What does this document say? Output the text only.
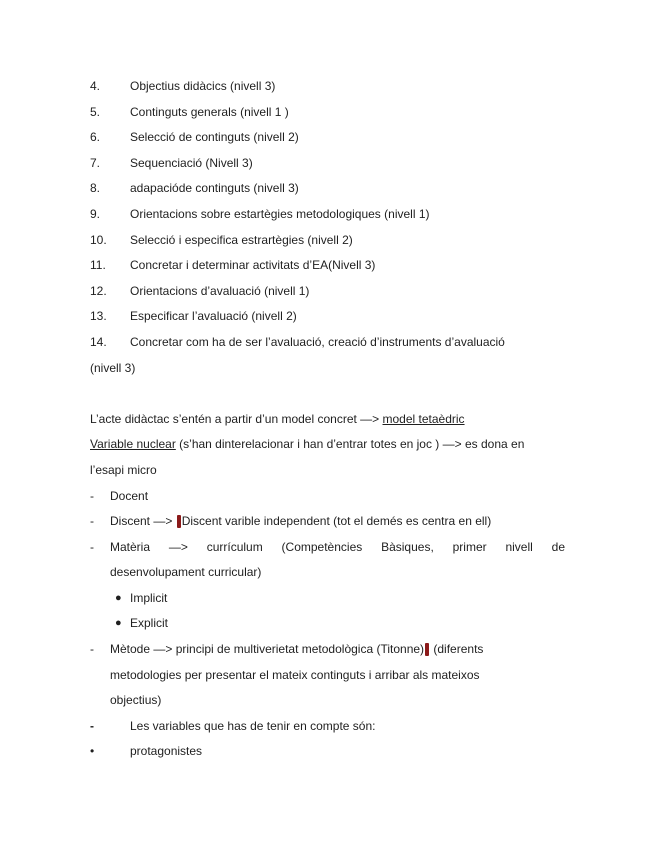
4.	Objectius didàcics (nivell 3)
5.	Continguts generals (nivell 1 )
6.	Selecció de continguts (nivell 2)
7.	Sequenciació (Nivell 3)
8.	adapacióde continguts (nivell 3)
9.	Orientacions sobre estartègies metodologiques (nivell 1)
10.	Selecció i especifica estrartègies (nivell 2)
11.	Concretar i determinar activitats d’EA(Nivell 3)
12.	Orientacions d’avaluació (nivell 1)
13.	Especificar l’avaluació (nivell 2)
14.	Concretar com ha de ser l’avaluació, creació d’instruments d’avaluació
(nivell 3)
L’acte didàctac s’entén a partir d’un model concret —> model tetaèdric
Variable nuclear (s’han dinterelacionar i han d’entrar totes en joc ) —> es dona en
l’esapi micro
-	Docent
-	Discent —> Discent varible independent (tot el demés es centra en ell)
-	Matèria —> currículum (Competències Bàsiques, primer nivell de
desenvolupament curricular)
● Implicit
● Explicit
-	Mètode —> principi de multiverietat metodològica (Titonne) (diferents
metodologies per presentar el mateix continguts i arribar als mateixos
objectius)
-	Les variables que has de tenir en compte són:
•	protagonistes
